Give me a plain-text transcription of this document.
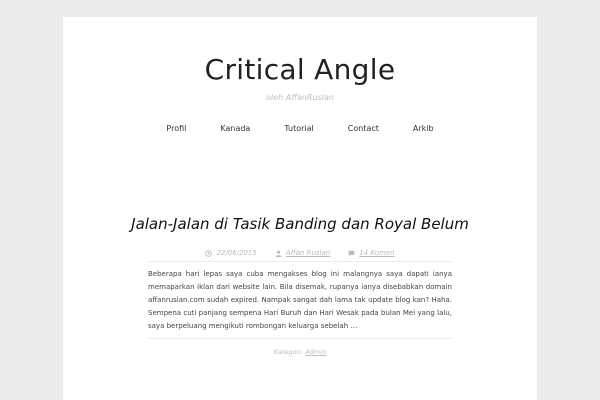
Critical Angle
oleh AffanRuslan
Profil	Kanada	Tutorial	Contact	Arkib
Jalan-Jalan di Tasik Banding dan Royal Belum
22/06/2015	Affan Ruslan	14 Komen

Beberapa hari lepas saya cuba mengakses blog ini malangnya saya dapati ianya memaparkan iklan dari website lain. Bila disemak, rupanya ianya disebabkan domain affanruslan.com sudah expired. Nampak sangat dah lama tak update blog kan? Haha. Sempena cuti panjang sempena Hari Buruh dan Hari Wesak pada bulan Mei yang lalu, saya berpeluang mengikuti rombongan keluarga sebelah …

Kategori: Admin
